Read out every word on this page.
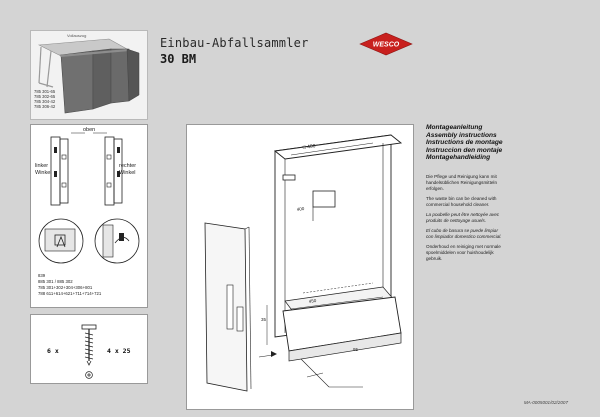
Vollauszug
785 301-65
785 302-65
785 304-42
785 306-42
Einbau-Abfallsammler
30 BM
WESCO
oben
linker
Winkel
rechter
Winkel
839
885 301 / 885 302
785 301+302+304+306+801
788 611+614+621+711+714+721
6 x	4 x 25
□ 400
400
450
95
35
Montageanleitung
Assembly instructions
Instructions de montage
Instruccion den montaje
Montagehandleiding
Die Pflege und Reinigung kann mit
handelsüblichen Reinigungsmitteln
erfolgen.
The waste bin can be cleaned with
commercial household cleaner.
La poubelle peut être nettoyée avec
produits de nettoyage usuels.
El cubo de basura se puede limpiar
con limpiador domestico commercial.
Onderhoud en reiniging met normale
spoelmiddelen voor huishoudelijk
gebruik.
MA-0005001/02/2007
